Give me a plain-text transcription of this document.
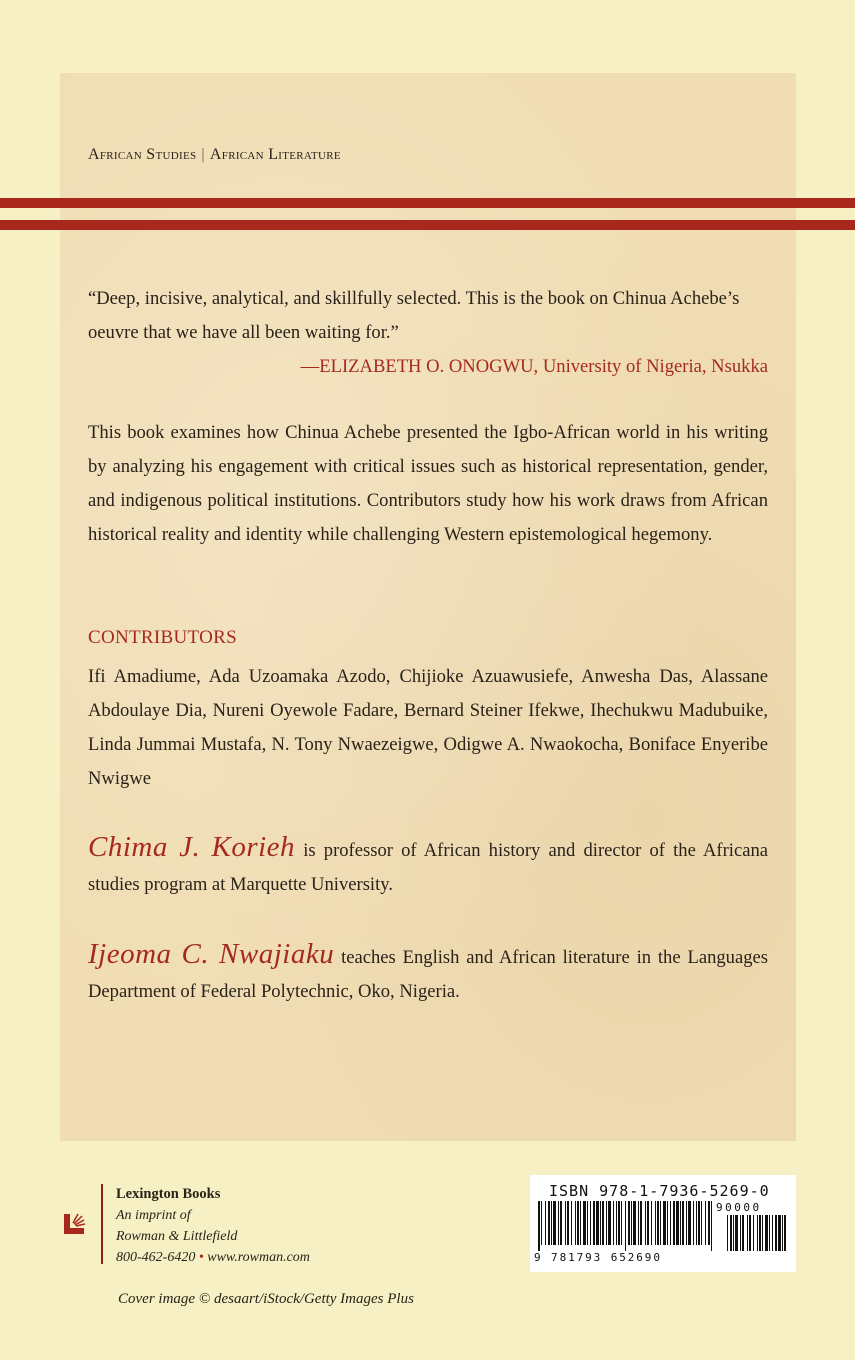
African Studies | African Literature
“Deep, incisive, analytical, and skillfully selected. This is the book on Chinua Achebe’s oeuvre that we have all been waiting for.”
—ELIZABETH O. ONOGWU, University of Nigeria, Nsukka
This book examines how Chinua Achebe presented the Igbo-African world in his writing by analyzing his engagement with critical issues such as historical representation, gender, and indigenous political institutions. Contributors study how his work draws from African historical reality and identity while challenging Western epistemological hegemony.
CONTRIBUTORS
Ifi Amadiume, Ada Uzoamaka Azodo, Chijioke Azuawusiefe, Anwesha Das, Alassane Abdoulaye Dia, Nureni Oyewole Fadare, Bernard Steiner Ifekwe, Ihechukwu Madubuike, Linda Jummai Mustafa, N. Tony Nwaezeigwe, Odigwe A. Nwaokocha, Boniface Enyeribe Nwigwe
Chima J. Korieh is professor of African history and director of the Africana studies program at Marquette University.
Ijeoma C. Nwajiaku teaches English and African literature in the Languages Department of Federal Polytechnic, Oko, Nigeria.
Lexington Books
An imprint of
Rowman & Littlefield
800-462-6420 • www.rowman.com
ISBN 978-1-7936-5269-0
90000
9 781793 652690
Cover image © desaart/iStock/Getty Images Plus
